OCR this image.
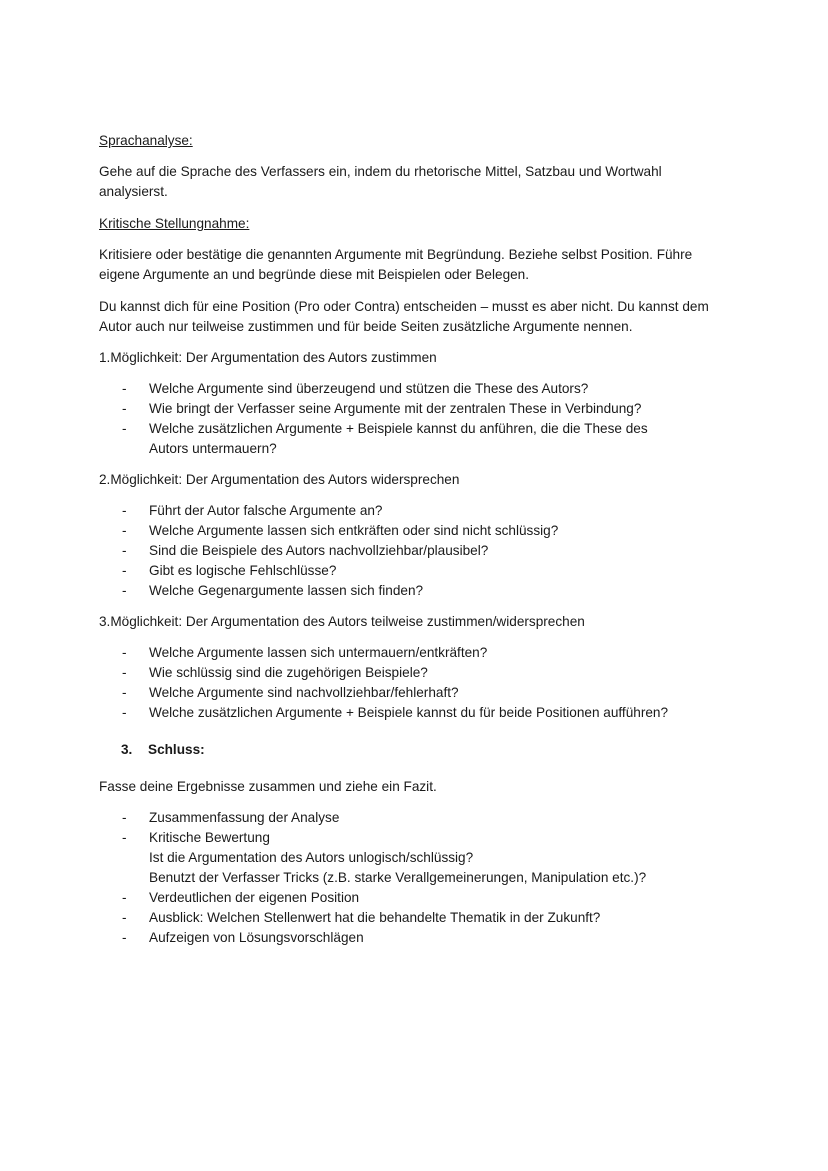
Sprachanalyse:

Gehe auf die Sprache des Verfassers ein, indem du rhetorische Mittel, Satzbau und Wortwahl analysierst.

Kritische Stellungnahme:

Kritisiere oder bestätige die genannten Argumente mit Begründung. Beziehe selbst Position. Führe eigene Argumente an und begründe diese mit Beispielen oder Belegen.

Du kannst dich für eine Position (Pro oder Contra) entscheiden – musst es aber nicht. Du kannst dem Autor auch nur teilweise zustimmen und für beide Seiten zusätzliche Argumente nennen.

1.Möglichkeit: Der Argumentation des Autors zustimmen

- Welche Argumente sind überzeugend und stützen die These des Autors?
- Wie bringt der Verfasser seine Argumente mit der zentralen These in Verbindung?
- Welche zusätzlichen Argumente + Beispiele kannst du anführen, die die These des Autors untermauern?

2.Möglichkeit: Der Argumentation des Autors widersprechen

- Führt der Autor falsche Argumente an?
- Welche Argumente lassen sich entkräften oder sind nicht schlüssig?
- Sind die Beispiele des Autors nachvollziehbar/plausibel?
- Gibt es logische Fehlschlüsse?
- Welche Gegenargumente lassen sich finden?

3.Möglichkeit: Der Argumentation des Autors teilweise zustimmen/widersprechen

- Welche Argumente lassen sich untermauern/entkräften?
- Wie schlüssig sind die zugehörigen Beispiele?
- Welche Argumente sind nachvollziehbar/fehlerhaft?
- Welche zusätzlichen Argumente + Beispiele kannst du für beide Positionen aufführen?

3. Schluss:

Fasse deine Ergebnisse zusammen und ziehe ein Fazit.

- Zusammenfassung der Analyse
- Kritische Bewertung
Ist die Argumentation des Autors unlogisch/schlüssig?
Benutzt der Verfasser Tricks (z.B. starke Verallgemeinerungen, Manipulation etc.)?
- Verdeutlichen der eigenen Position
- Ausblick: Welchen Stellenwert hat die behandelte Thematik in der Zukunft?
- Aufzeigen von Lösungsvorschlägen
